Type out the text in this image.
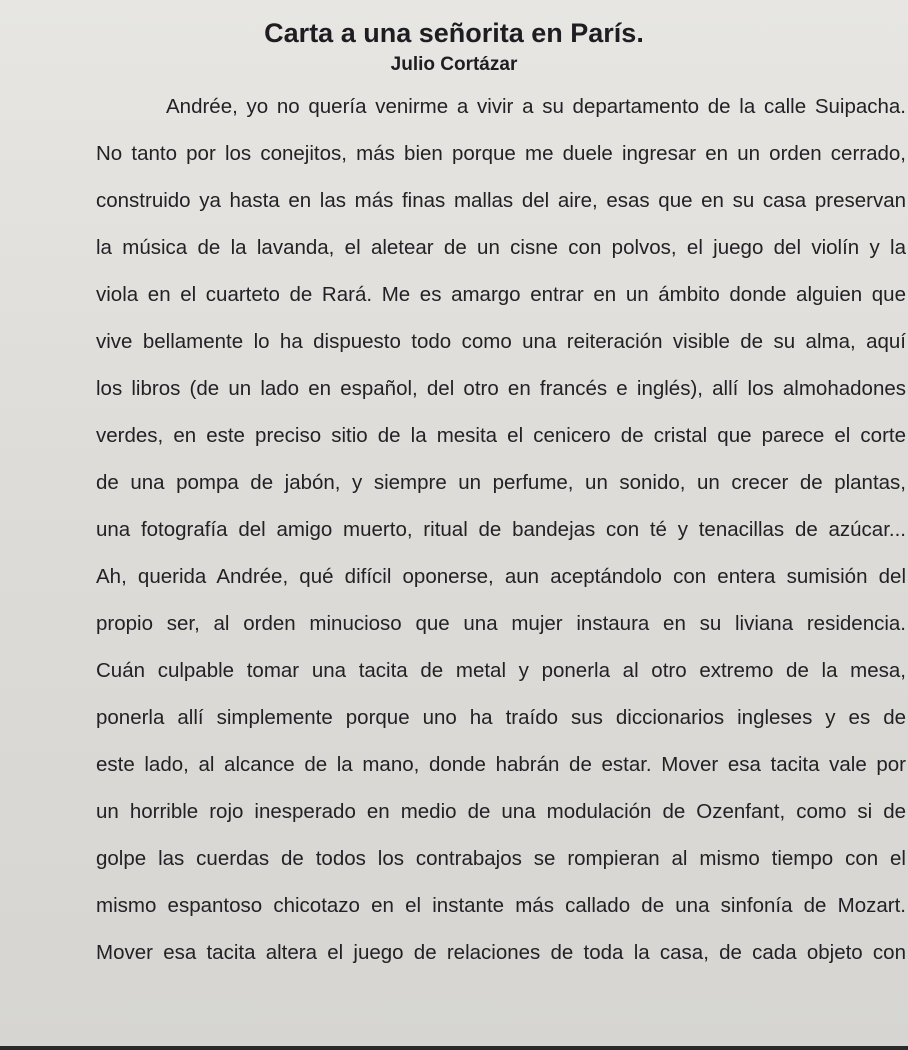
Carta a una señorita en París.
Julio Cortázar
Andrée, yo no quería venirme a vivir a su departamento de la calle Suipacha.
No tanto por los conejitos, más bien porque me duele ingresar en un orden cerrado,
construido ya hasta en las más finas mallas del aire, esas que en su casa preservan
la música de la lavanda, el aletear de un cisne con polvos, el juego del violín y la
viola en el cuarteto de Rará. Me es amargo entrar en un ámbito donde alguien que
vive bellamente lo ha dispuesto todo como una reiteración visible de su alma, aquí
los libros (de un lado en español, del otro en francés e inglés), allí los almohadones
verdes, en este preciso sitio de la mesita el cenicero de cristal que parece el corte
de una pompa de jabón, y siempre un perfume, un sonido, un crecer de plantas,
una fotografía del amigo muerto, ritual de bandejas con té y tenacillas de azúcar...
Ah, querida Andrée, qué difícil oponerse, aun aceptándolo con entera sumisión del
propio ser, al orden minucioso que una mujer instaura en su liviana residencia.
Cuán culpable tomar una tacita de metal y ponerla al otro extremo de la mesa,
ponerla allí simplemente porque uno ha traído sus diccionarios ingleses y es de
este lado, al alcance de la mano, donde habrán de estar. Mover esa tacita vale por
un horrible rojo inesperado en medio de una modulación de Ozenfant, como si de
golpe las cuerdas de todos los contrabajos se rompieran al mismo tiempo con el
mismo espantoso chicotazo en el instante más callado de una sinfonía de Mozart.
Mover esa tacita altera el juego de relaciones de toda la casa, de cada objeto con
